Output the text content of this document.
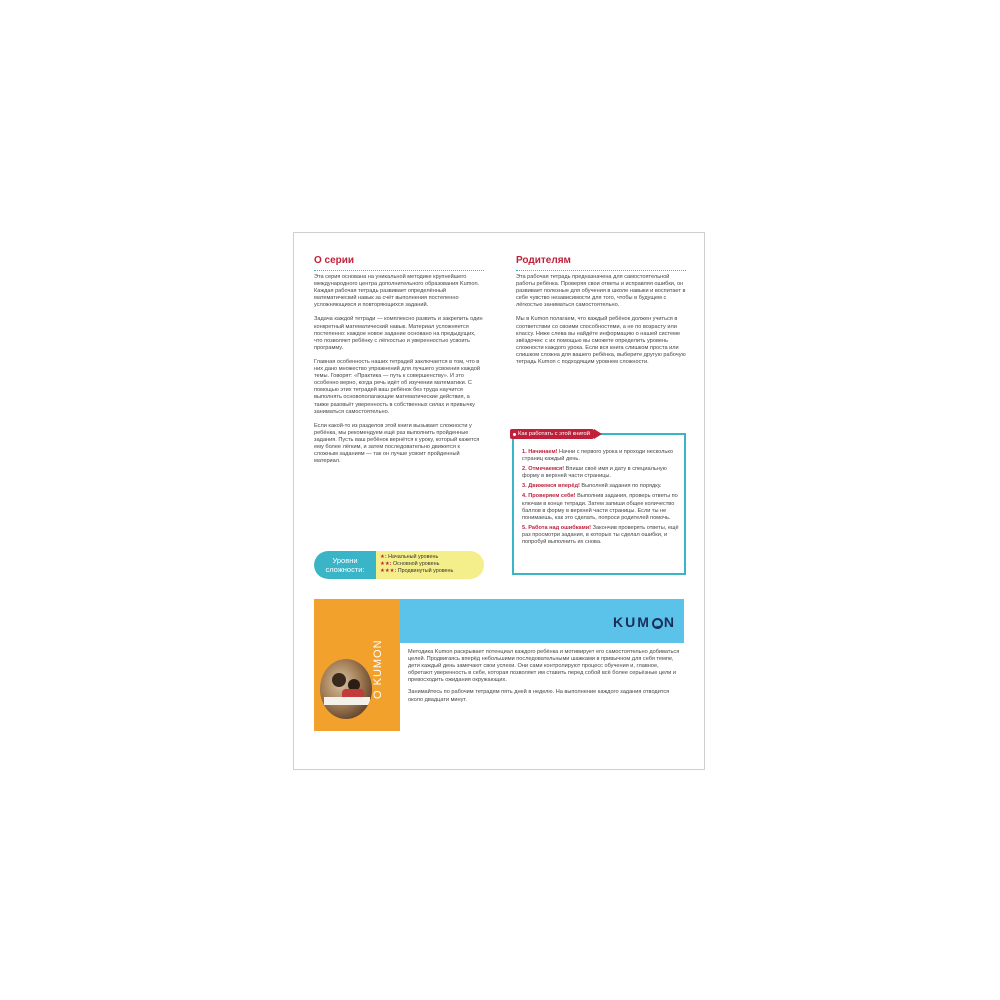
О серии

Эта серия основана на уникальной методике крупнейшего международного центра дополнительного образования Kumon. Каждая рабочая тетрадь развивает определённый математический навык за счёт выполнения постепенно усложняющихся и повторяющихся заданий.

Задача каждой тетради — комплексно развить и закрепить один конкретный математический навык. Материал усложняется постепенно: каждое новое задание основано на предыдущих, что позволяет ребёнку с лёгкостью и уверенностью усвоить программу.

Главная особенность наших тетрадей заключается в том, что в них дано множество упражнений для лучшего усвоения каждой темы. Говорят: «Практика — путь к совершенству». И это особенно верно, когда речь идёт об изучении математики. С помощью этих тетрадей ваш ребёнок без труда научится выполнять основополагающие математические действия, а также разовьёт уверенность в собственных силах и привычку заниматься самостоятельно.

Если какой-то из разделов этой книги вызывает сложности у ребёнка, мы рекомендуем ещё раз выполнить пройденные задания. Пусть ваш ребёнок вернётся к уроку, который кажется ему более лёгким, и затем последовательно движется к сложным заданиям — так он лучше усвоит пройденный материал.

Уровни
сложности:
★: Начальный уровень
★★: Основной уровень
★★★: Продвинутый уровень
Родителям

Эта рабочая тетрадь предназначена для самостоятельной работы ребёнка. Проверяя свои ответы и исправляя ошибки, он развивает полезные для обучения в школе навыки и воспитает в себе чувство независимости для того, чтобы в будущем с лёгкостью заниматься самостоятельно.

Мы в Kumon полагаем, что каждый ребёнок должен учиться в соответствии со своими способностями, а не по возрасту или классу. Ниже слева вы найдёте информацию о нашей системе звёздочек: с их помощью вы сможете определить уровень сложности каждого урока. Если вся книга слишком проста или слишком сложна для вашего ребёнка, выберите другую рабочую тетрадь Kumon с подходящим уровнем сложности.

Как работать с этой книгой

1. Начинаем! Начни с первого урока и проходи несколько страниц каждый день.

2. Отмечаемся! Впиши своё имя и дату в специальную форму в верхней части страницы.

3. Движемся вперёд! Выполняй задания по порядку.

4. Проверяем себя! Выполнив задания, проверь ответы по ключам в конце тетради. Затем запиши общее количество баллов в форму в верхней части страницы. Если ты не понимаешь, как это сделать, попроси родителей помочь.

5. Работа над ошибками! Закончив проверять ответы, ещё раз просмотри задания, в которых ты сделал ошибки, и попробуй выполнить их снова.

О KUMON
KUM N

Методика Kumon раскрывает потенциал каждого ребёнка и мотивирует его самостоятельно добиваться целей. Продвигаясь вперёд небольшими последовательными шажками в привычном для себя темпе, дети каждый день замечают свои успехи. Они сами контролируют процесс обучения и, главное, обретают уверенность в себе, которая позволяет им ставить перед собой всё более серьёзные цели и превосходить ожидания окружающих.

Занимайтесь по рабочим тетрадям пять дней в неделю. На выполнение каждого задания отводится около двадцати минут.
